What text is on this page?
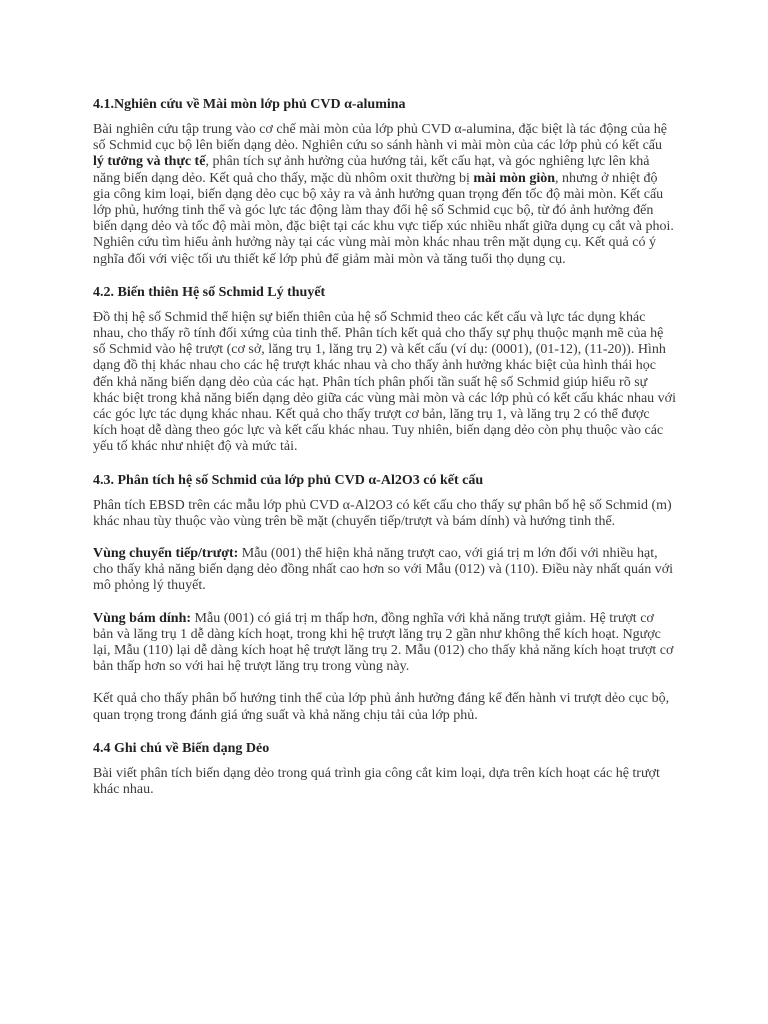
4.1.Nghiên cứu về Mài mòn lớp phủ CVD α-alumina

Bài nghiên cứu tập trung vào cơ chế mài mòn của lớp phủ CVD α-alumina, đặc biệt là tác động của hệ số Schmid cục bộ lên biến dạng dẻo. Nghiên cứu so sánh hành vi mài mòn của các lớp phủ có kết cấu lý tưởng và thực tế, phân tích sự ảnh hưởng của hướng tải, kết cấu hạt, và góc nghiêng lực lên khả năng biến dạng dẻo. Kết quả cho thấy, mặc dù nhôm oxit thường bị mài mòn giòn, nhưng ở nhiệt độ gia công kim loại, biến dạng dẻo cục bộ xảy ra và ảnh hưởng quan trọng đến tốc độ mài mòn. Kết cấu lớp phủ, hướng tinh thể và góc lực tác động làm thay đổi hệ số Schmid cục bộ, từ đó ảnh hưởng đến biến dạng dẻo và tốc độ mài mòn, đặc biệt tại các khu vực tiếp xúc nhiều nhất giữa dụng cụ cắt và phoi. Nghiên cứu tìm hiểu ảnh hưởng này tại các vùng mài mòn khác nhau trên mặt dụng cụ. Kết quả có ý nghĩa đối với việc tối ưu thiết kế lớp phủ để giảm mài mòn và tăng tuổi thọ dụng cụ.

4.2. Biến thiên Hệ số Schmid Lý thuyết

Đồ thị hệ số Schmid thể hiện sự biến thiên của hệ số Schmid theo các kết cấu và lực tác dụng khác nhau, cho thấy rõ tính đối xứng của tinh thể. Phân tích kết quả cho thấy sự phụ thuộc mạnh mẽ của hệ số Schmid vào hệ trượt (cơ sở, lăng trụ 1, lăng trụ 2) và kết cấu (ví dụ: (0001), (01-12), (11-20)). Hình dạng đồ thị khác nhau cho các hệ trượt khác nhau và cho thấy ảnh hưởng khác biệt của hình thái học đến khả năng biến dạng dẻo của các hạt. Phân tích phân phối tần suất hệ số Schmid giúp hiểu rõ sự khác biệt trong khả năng biến dạng dẻo giữa các vùng mài mòn và các lớp phủ có kết cấu khác nhau với các góc lực tác dụng khác nhau. Kết quả cho thấy trượt cơ bản, lăng trụ 1, và lăng trụ 2 có thể được kích hoạt dễ dàng theo góc lực và kết cấu khác nhau. Tuy nhiên, biến dạng dẻo còn phụ thuộc vào các yếu tố khác như nhiệt độ và mức tải.

4.3. Phân tích hệ số Schmid của lớp phủ CVD α-Al2O3 có kết cấu

Phân tích EBSD trên các mẫu lớp phủ CVD α-Al2O3 có kết cấu cho thấy sự phân bố hệ số Schmid (m) khác nhau tùy thuộc vào vùng trên bề mặt (chuyển tiếp/trượt và bám dính) và hướng tinh thể.

Vùng chuyển tiếp/trượt: Mẫu (001) thể hiện khả năng trượt cao, với giá trị m lớn đối với nhiều hạt, cho thấy khả năng biến dạng dẻo đồng nhất cao hơn so với Mẫu (012) và (110). Điều này nhất quán với mô phỏng lý thuyết.

Vùng bám dính: Mẫu (001) có giá trị m thấp hơn, đồng nghĩa với khả năng trượt giảm. Hệ trượt cơ bản và lăng trụ 1 dễ dàng kích hoạt, trong khi hệ trượt lăng trụ 2 gần như không thể kích hoạt. Ngược lại, Mẫu (110) lại dễ dàng kích hoạt hệ trượt lăng trụ 2. Mẫu (012) cho thấy khả năng kích hoạt trượt cơ bản thấp hơn so với hai hệ trượt lăng trụ trong vùng này.

Kết quả cho thấy phân bố hướng tinh thể của lớp phủ ảnh hưởng đáng kể đến hành vi trượt dẻo cục bộ, quan trọng trong đánh giá ứng suất và khả năng chịu tải của lớp phủ.

4.4 Ghi chú về Biến dạng Dẻo

Bài viết phân tích biến dạng dẻo trong quá trình gia công cắt kim loại, dựa trên kích hoạt các hệ trượt khác nhau.
